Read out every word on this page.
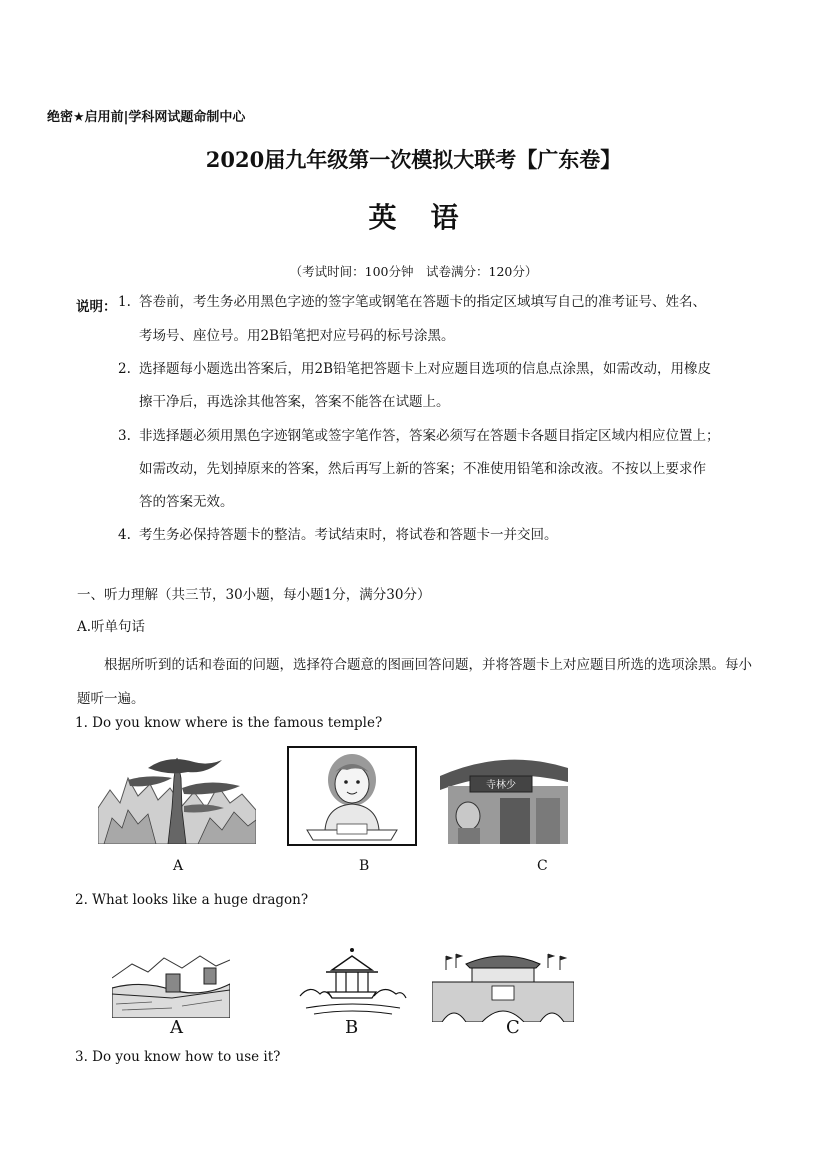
绝密★启用前|学科网试题命制中心
2020届九年级第一次模拟大联考【广东卷】
英语
（考试时间：100分钟　试卷满分：120分）
说明： 1. 答卷前，考生务必用黑色字迹的签字笔或钢笔在答题卡的指定区域填写自己的准考证号、姓名、
考场号、座位号。用2B铅笔把对应号码的标号涂黑。
2. 选择题每小题选出答案后，用2B铅笔把答题卡上对应题目选项的信息点涂黑，如需改动，用橡皮
擦干净后，再选涂其他答案，答案不能答在试题上。
3. 非选择题必须用黑色字迹钢笔或签字笔作答，答案必须写在答题卡各题目指定区域内相应位置上；
如需改动，先划掉原来的答案，然后再写上新的答案；不准使用铅笔和涂改液。不按以上要求作
答的答案无效。
4. 考生务必保持答题卡的整洁。考试结束时，将试卷和答题卡一并交回。
一、听力理解（共三节，30小题，每小题1分，满分30分）
A.听单句话
根据所听到的话和卷面的问题，选择符合题意的图画回答问题，并将答题卡上对应题目所选的选项涂黑。每小题听一遍。
1. Do you know where is the famous temple?
A	B
寺林少
C
2. What looks like a huge dragon?
A	B	C
3. Do you know how to use it?
